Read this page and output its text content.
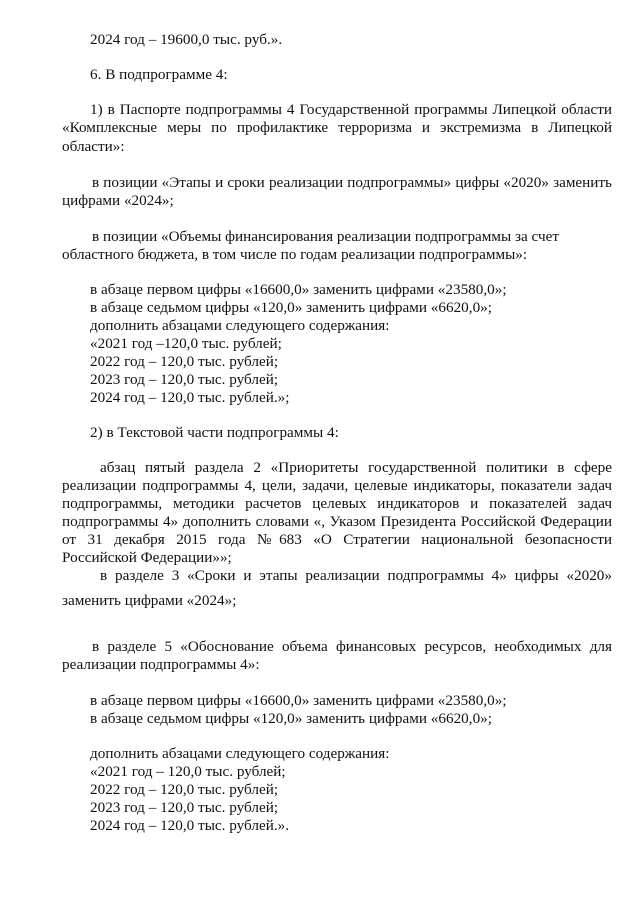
2024 год – 19600,0 тыс. руб.».
6. В подпрограмме 4:
1) в Паспорте подпрограммы 4 Государственной программы Липецкой области
«Комплексные меры по профилактике терроризма и экстремизма в Липецкой
области»:
в позиции «Этапы и сроки реализации подпрограммы» цифры «2020» заменить
цифрами «2024»;
в позиции «Объемы финансирования реализации подпрограммы за счет
областного бюджета, в том числе по годам реализации подпрограммы»:
в абзаце первом цифры «16600,0» заменить цифрами «23580,0»;
в абзаце седьмом цифры «120,0» заменить цифрами «6620,0»;
дополнить абзацами следующего содержания:
«2021 год –120,0 тыс. рублей;
2022 год – 120,0 тыс. рублей;
2023 год – 120,0 тыс. рублей;
2024 год – 120,0 тыс. рублей.»;
2) в Текстовой части подпрограммы 4:
абзац пятый раздела 2 «Приоритеты государственной политики в сфере
реализации подпрограммы 4, цели, задачи, целевые индикаторы, показатели задач
подпрограммы, методики расчетов целевых индикаторов и показателей задач
подпрограммы 4» дополнить словами «, Указом Президента Российской Федерации
от 31 декабря 2015 года №683 «О Стратегии национальной безопасности
Российской Федерации»»;
в разделе 3 «Сроки и этапы реализации подпрограммы 4» цифры «2020»
заменить цифрами «2024»;
в разделе 5 «Обоснование объема финансовых ресурсов, необходимых для
реализации подпрограммы 4»:
в абзаце первом цифры «16600,0» заменить цифрами «23580,0»;
в абзаце седьмом цифры «120,0» заменить цифрами «6620,0»;
дополнить абзацами следующего содержания:
«2021 год – 120,0 тыс. рублей;
2022 год – 120,0 тыс. рублей;
2023 год – 120,0 тыс. рублей;
2024 год – 120,0 тыс. рублей.».
